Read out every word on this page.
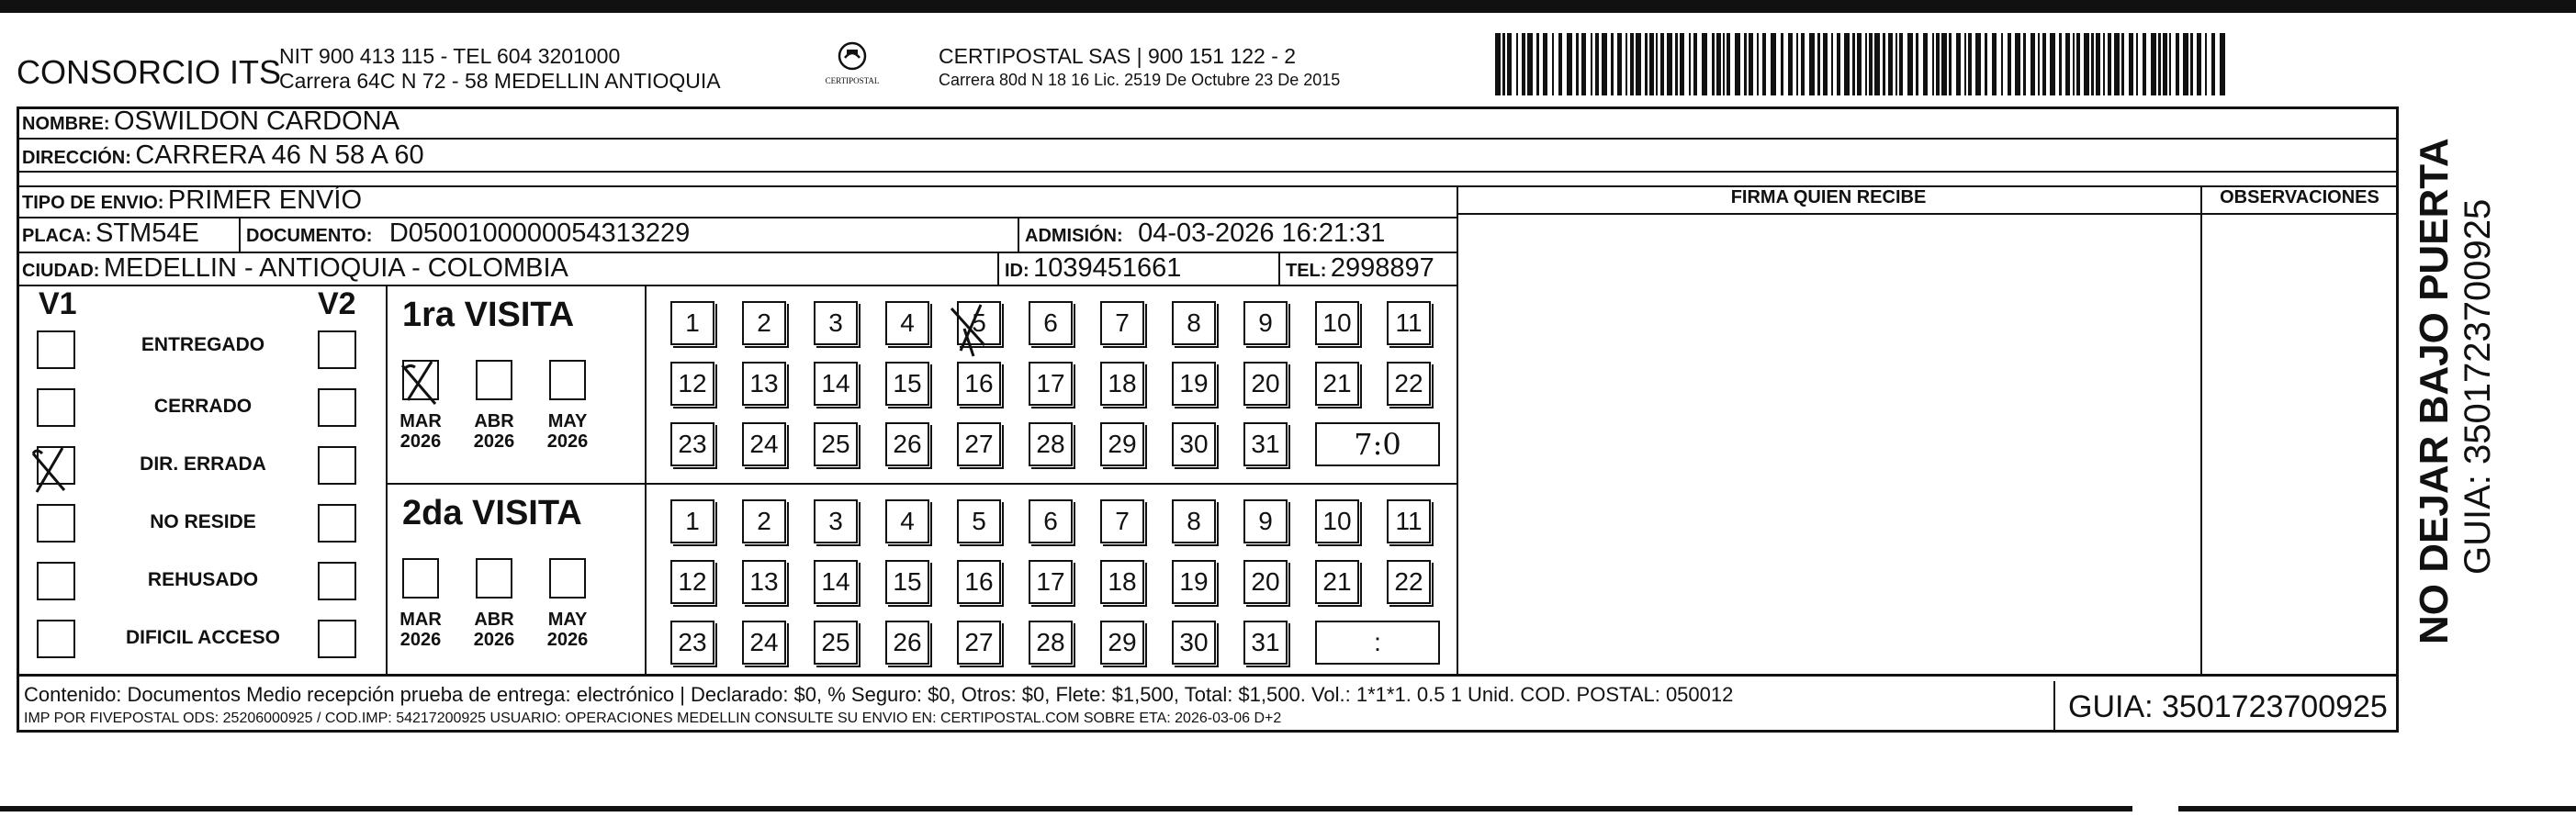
CONSORCIO ITS
NIT 900 413 115 - TEL 604 3201000
Carrera 64C N 72 - 58 MEDELLIN ANTIOQUIA	CERTIPOSTAL
CERTIPOSTAL SAS | 900 151 122 - 2
Carrera 80d N 18 16 Lic. 2519 De Octubre 23 De 2015
NOMBRE: OSWILDON CARDONA
DIRECCIÓN: CARRERA 46 N 58 A 60
TIPO DE ENVIO: PRIMER ENVÍO	FIRMA QUIEN RECIBE	OBSERVACIONES
PLACA: STM54E	DOCUMENTO: D0500100000054313229	ADMISIÓN: 04-03-2026 16:21:31
CIUDAD: MEDELLIN - ANTIOQUIA - COLOMBIA	ID: 1039451661	TEL: 2998897
V1	V2
ENTREGADO
CERRADO
DIR. ERRADA
NO RESIDE
REHUSADO
DIFICIL ACCESO
1ra VISITA
MAR
2026
ABR
2026
MAY
2026
1	2	3	4	5	6	7	8	9	10	11
12	13	14	15	16	17	18	19	20	21	22
23	24	25	26	27	28	29	30	31	7:0
2da VISITA
MAR
2026
ABR
2026
MAY
2026
1	2	3	4	5	6	7	8	9	10	11
12	13	14	15	16	17	18	19	20	21	22
23	24	25	26	27	28	29	30	31	:
Contenido: Documentos Medio recepción prueba de entrega: electrónico | Declarado: $0, % Seguro: $0, Otros: $0, Flete: $1,500, Total: $1,500. Vol.: 1*1*1. 0.5 1 Unid. COD. POSTAL: 050012
IMP POR FIVEPOSTAL ODS: 25206000925 / COD.IMP: 54217200925 USUARIO: OPERACIONES MEDELLIN CONSULTE SU ENVIO EN: CERTIPOSTAL.COM SOBRE ETA: 2026-03-06 D+2	GUIA: 3501723700925
NO DEJAR BAJO PUERTA GUIA: 3501723700925
